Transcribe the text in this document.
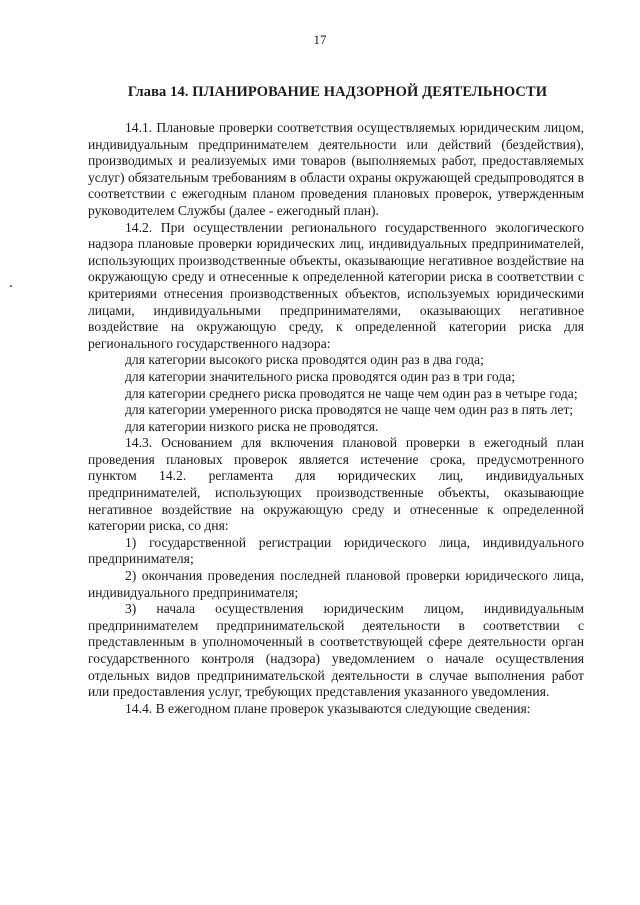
17
Глава 14. ПЛАНИРОВАНИЕ НАДЗОРНОЙ ДЕЯТЕЛЬНОСТИ

14.1. Плановые проверки соответствия осуществляемых юридическим лицом, индивидуальным предпринимателем деятельности или действий (бездействия), производимых и реализуемых ими товаров (выполняемых работ, предоставляемых услуг) обязательным требованиям в области охраны окружающей средыпроводятся в соответствии с ежегодным планом проведения плановых проверок, утвержденным руководителем Службы (далее - ежегодный план).

14.2. При осуществлении регионального государственного экологического надзора плановые проверки юридических лиц, индивидуальных предпринимателей, использующих производственные объекты, оказывающие негативное воздействие на окружающую среду и отнесенные к определенной категории риска в соответствии с критериями отнесения производственных объектов, используемых юридическими лицами, индивидуальными предпринимателями, оказывающих негативное воздействие на окружающую среду, к определенной категории риска для регионального государственного надзора:

для категории высокого риска проводятся один раз в два года;

для категории значительного риска проводятся один раз в три года;

для категории среднего риска проводятся не чаще чем один раз в четыре года;

для категории умеренного риска проводятся не чаще чем один раз в пять лет;

для категории низкого риска не проводятся.

14.3. Основанием для включения плановой проверки в ежегодный план проведения плановых проверок является истечение срока, предусмотренного пунктом 14.2. регламента для юридических лиц, индивидуальных предпринимателей, использующих производственные объекты, оказывающие негативное воздействие на окружающую среду и отнесенные к определенной категории риска, со дня:

1) государственной регистрации юридического лица, индивидуального предпринимателя;

2) окончания проведения последней плановой проверки юридического лица, индивидуального предпринимателя;

3) начала осуществления юридическим лицом, индивидуальным предпринимателем предпринимательской деятельности в соответствии с представленным в уполномоченный в соответствующей сфере деятельности орган государственного контроля (надзора) уведомлением о начале осуществления отдельных видов предпринимательской деятельности в случае выполнения работ или предоставления услуг, требующих представления указанного уведомления.

14.4. В ежегодном плане проверок указываются следующие сведения:
